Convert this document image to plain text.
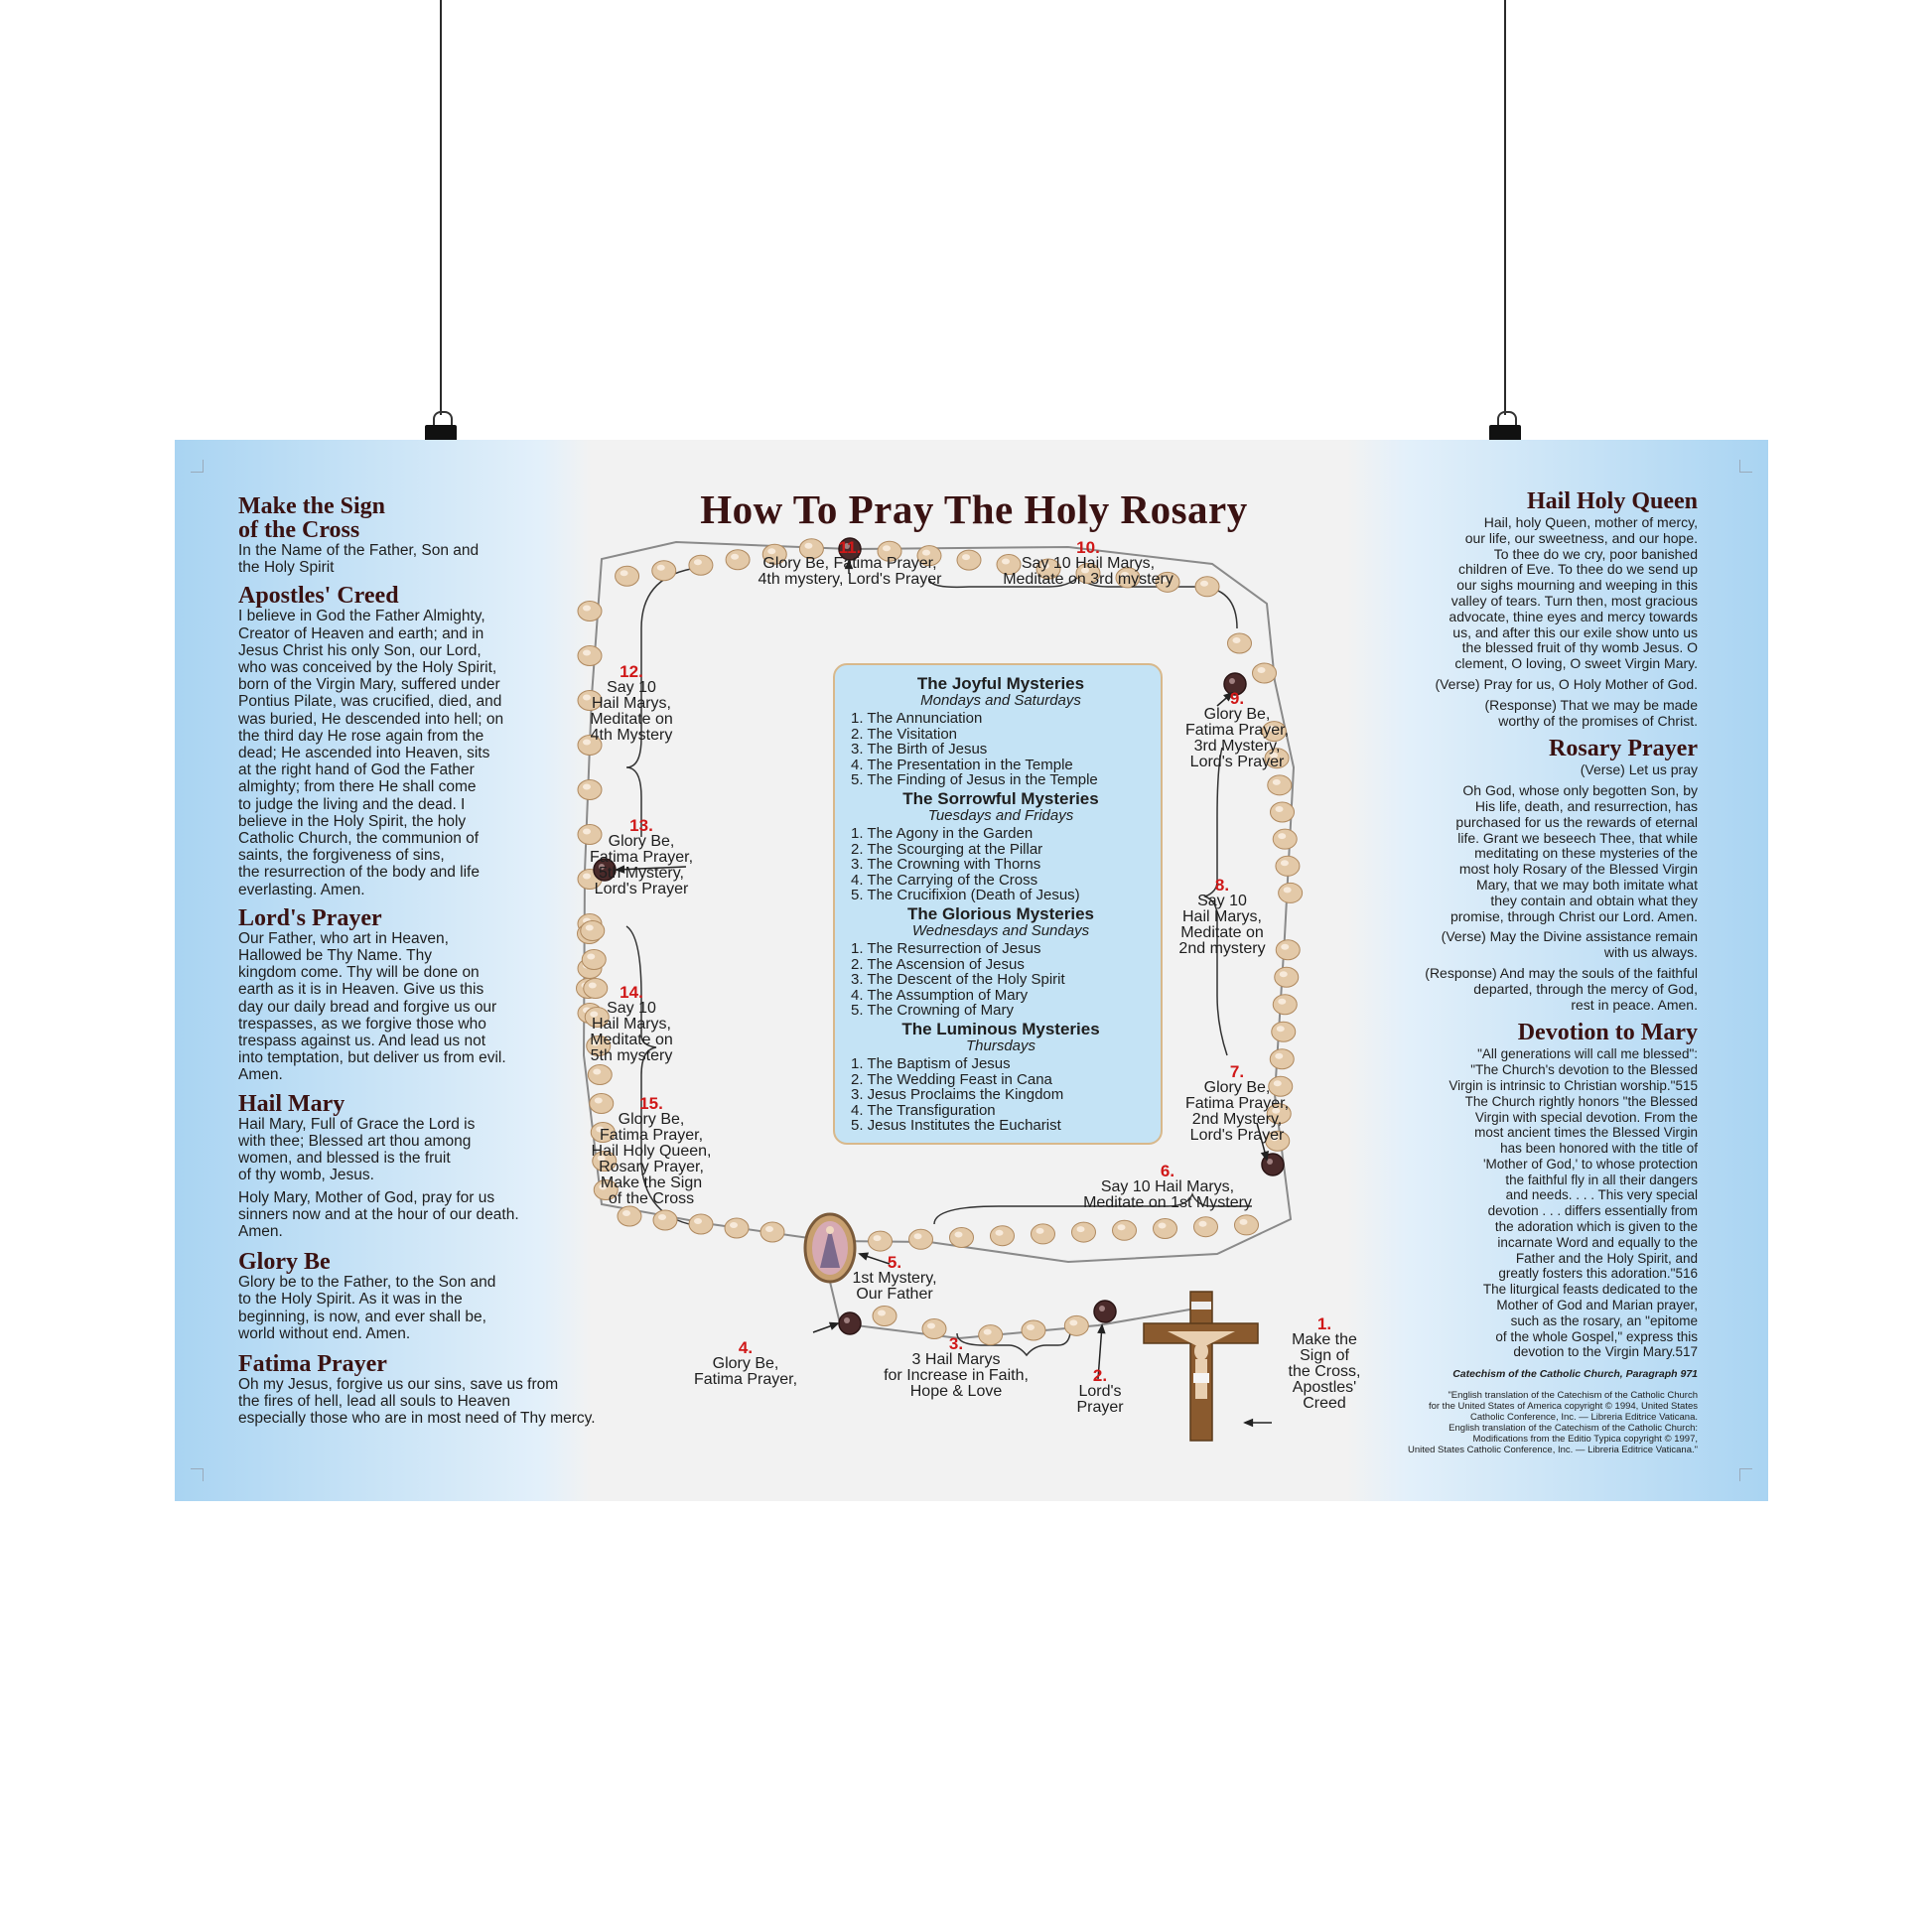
How To Pray The Holy Rosary

Make the Sign
of the Cross

In the Name of the Father, Son and
the Holy Spirit

Apostles' Creed

I believe in God the Father Almighty,
Creator of Heaven and earth; and in
Jesus Christ his only Son, our Lord,
who was conceived by the Holy Spirit,
born of the Virgin Mary, suffered under
Pontius Pilate, was crucified, died, and
was buried, He descended into hell; on
the third day He rose again from the
dead; He ascended into Heaven, sits
at the right hand of God the Father
almighty; from there He shall come
to judge the living and the dead. I
believe in the Holy Spirit, the holy
Catholic Church, the communion of
saints, the forgiveness of sins,
the resurrection of the body and life
everlasting. Amen.

Lord's Prayer

Our Father, who art in Heaven,
Hallowed be Thy Name. Thy
kingdom come. Thy will be done on
earth as it is in Heaven. Give us this
day our daily bread and forgive us our
trespasses, as we forgive those who
trespass against us. And lead us not
into temptation, but deliver us from evil.
Amen.

Hail Mary

Hail Mary, Full of Grace the Lord is
with thee; Blessed art thou among
women, and blessed is the fruit
of thy womb, Jesus.

Holy Mary, Mother of God, pray for us
sinners now and at the hour of our death.
Amen.

Glory Be

Glory be to the Father, to the Son and
to the Holy Spirit. As it was in the
beginning, is now, and ever shall be,
world without end. Amen.

Fatima Prayer

Oh my Jesus, forgive us our sins, save us from
the fires of hell, lead all souls to Heaven
especially those who are in most need of Thy mercy.

Hail Holy Queen

Hail, holy Queen, mother of mercy,
our life, our sweetness, and our hope.
To thee do we cry, poor banished
children of Eve. To thee do we send up
our sighs mourning and weeping in this
valley of tears. Turn then, most gracious
advocate, thine eyes and mercy towards
us, and after this our exile show unto us
the blessed fruit of thy womb Jesus. O
clement, O loving, O sweet Virgin Mary.

(Verse) Pray for us, O Holy Mother of God.

(Response) That we may be made
worthy of the promises of Christ.

Rosary Prayer

(Verse) Let us pray

Oh God, whose only begotten Son, by
His life, death, and resurrection, has
purchased for us the rewards of eternal
life. Grant we beseech Thee, that while
meditating on these mysteries of the
most holy Rosary of the Blessed Virgin
Mary, that we may both imitate what
they contain and obtain what they
promise, through Christ our Lord. Amen.

(Verse) May the Divine assistance remain
with us always.

(Response) And may the souls of the faithful
departed, through the mercy of God,
rest in peace. Amen.

Devotion to Mary

"All generations will call me blessed":
"The Church's devotion to the Blessed
Virgin is intrinsic to Christian worship."515
The Church rightly honors "the Blessed
Virgin with special devotion. From the
most ancient times the Blessed Virgin
has been honored with the title of
'Mother of God,' to whose protection
the faithful fly in all their dangers
and needs. . . . This very special
devotion . . . differs essentially from
the adoration which is given to the
incarnate Word and equally to the
Father and the Holy Spirit, and
greatly fosters this adoration."516
The liturgical feasts dedicated to the
Mother of God and Marian prayer,
such as the rosary, an "epitome
of the whole Gospel," express this
devotion to the Virgin Mary.517

Catechism of the Catholic Church, Paragraph 971

"English translation of the Catechism of the Catholic Church
for the United States of America copyright © 1994, United States
Catholic Conference, Inc. — Libreria Editrice Vaticana.
English translation of the Catechism of the Catholic Church:
Modifications from the Editio Typica copyright © 1997,
United States Catholic Conference, Inc. — Libreria Editrice Vaticana."

The Joyful Mysteries

Mondays and Saturdays

1. The Annunciation

2. The Visitation

3. The Birth of Jesus

4. The Presentation in the Temple

5. The Finding of Jesus in the Temple

The Sorrowful Mysteries

Tuesdays and Fridays

1. The Agony in the Garden

2. The Scourging at the Pillar

3. The Crowning with Thorns

4. The Carrying of the Cross

5. The Crucifixion (Death of Jesus)

The Glorious Mysteries

Wednesdays and Sundays

1. The Resurrection of Jesus

2. The Ascension of Jesus

3. The Descent of the Holy Spirit

4. The Assumption of Mary

5. The Crowning of Mary

The Luminous Mysteries

Thursdays

1. The Baptism of Jesus

2. The Wedding Feast in Cana

3. Jesus Proclaims the Kingdom

4. The Transfiguration

5. Jesus Institutes the Eucharist

1.
Make the
Sign of
the Cross,
Apostles'
Creed
2.
Lord's
Prayer
3.
3 Hail Marys
for Increase in Faith,
Hope & Love
4.
Glory Be,
Fatima Prayer,
5.
1st Mystery,
Our Father
6.
Say 10 Hail Marys,
Meditate on 1st Mystery
7.
Glory Be,
Fatima Prayer,
2nd Mystery,
Lord's Prayer
8.
Say 10
Hail Marys,
Meditate on
2nd mystery
9.
Glory Be,
Fatima Prayer,
3rd Mystery,
Lord's Prayer
10.
Say 10 Hail Marys,
Meditate on 3rd mystery
11.
Glory Be, Fatima Prayer,
4th mystery, Lord's Prayer
12.
Say 10
Hail Marys,
Meditate on
4th Mystery
13.
Glory Be,
Fatima Prayer,
5th Mystery,
Lord's Prayer
14.
Say 10
Hail Marys,
Meditate on
5th mystery
15.
Glory Be,
Fatima Prayer,
Hail Holy Queen,
Rosary Prayer,
Make the Sign
of the Cross
